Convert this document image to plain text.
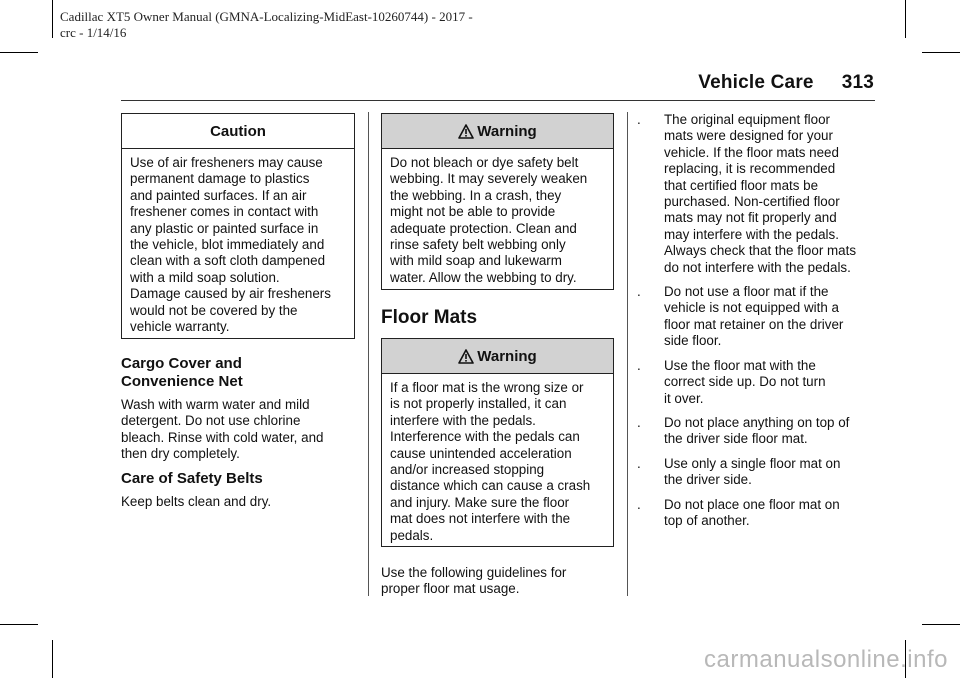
Cadillac XT5 Owner Manual (GMNA-Localizing-MidEast-10260744) - 2017 -
crc - 1/14/16
Vehicle Care 313
Caution
Use of air fresheners may cause
permanent damage to plastics
and painted surfaces. If an air
freshener comes in contact with
any plastic or painted surface in
the vehicle, blot immediately and
clean with a soft cloth dampened
with a mild soap solution.
Damage caused by air fresheners
would not be covered by the
vehicle warranty.
Cargo Cover and
Convenience Net
Wash with warm water and mild
detergent. Do not use chlorine
bleach. Rinse with cold water, and
then dry completely.
Care of Safety Belts
Keep belts clean and dry.
Warning
Do not bleach or dye safety belt
webbing. It may severely weaken
the webbing. In a crash, they
might not be able to provide
adequate protection. Clean and
rinse safety belt webbing only
with mild soap and lukewarm
water. Allow the webbing to dry.
Floor Mats
Warning
If a floor mat is the wrong size or
is not properly installed, it can
interfere with the pedals.
Interference with the pedals can
cause unintended acceleration
and/or increased stopping
distance which can cause a crash
and injury. Make sure the floor
mat does not interfere with the
pedals.
Use the following guidelines for
proper floor mat usage.
.	The original equipment floor
mats were designed for your
vehicle. If the floor mats need
replacing, it is recommended
that certified floor mats be
purchased. Non-certified floor
mats may not fit properly and
may interfere with the pedals.
Always check that the floor mats
do not interfere with the pedals.
.	Do not use a floor mat if the
vehicle is not equipped with a
floor mat retainer on the driver
side floor.
.	Use the floor mat with the
correct side up. Do not turn
it over.
.	Do not place anything on top of
the driver side floor mat.
.	Use only a single floor mat on
the driver side.
.	Do not place one floor mat on
top of another.
carmanualsonline.info
